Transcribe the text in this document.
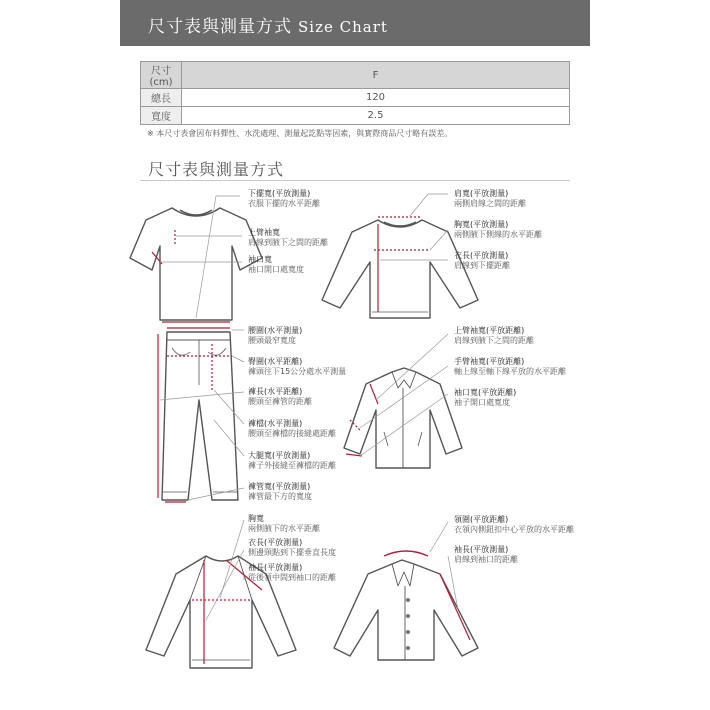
尺寸表與測量方式 Size Chart
尺寸(cm)	F
總長	120
寬度	2.5
※ 本尺寸表會因布料彈性、水洗處理、測量起訖點等因素，與實際商品尺寸略有誤差。
尺寸表與測量方式
下擺寬(平放測量)
衣服下擺的水平距離
上臂袖寬
肩線到腋下之間的距離
袖口寬
袖口開口處寬度
肩寬(平放測量)
兩側肩線之間的距離
胸寬(平放測量)
兩側腋下側線的水平距離
衣長(平放測量)
肩線到下擺距離
腰圍(水平測量)
腰頭最窄寬度
臀圍(水平距離)
褲頭往下15公分處水平測量
褲長(水平距離)
腰頭至褲管的距離
褲檔(水平測量)
腰頭至褲檔的接縫處距離
大腿寬(平放測量)
褲子外接縫至褲檔的距離
褲管寬(平放測量)
褲管最下方的寬度
上臂袖寬(平放距離)
肩線到腋下之間的距離
手臂袖寬(平放距離)
軸上線至軸下線平放的水平距離
袖口寬(平放距離)
袖子開口處寬度
胸寬
兩側腋下的水平距離
衣長(平放測量)
側邊頸點到下擺垂直長度
袖長(平放測量)
從後領中間到袖口的距離
領圍(平放距離)
衣領內側鈕扣中心平放的水平距離
袖長(平放測量)
肩線到袖口的距離
